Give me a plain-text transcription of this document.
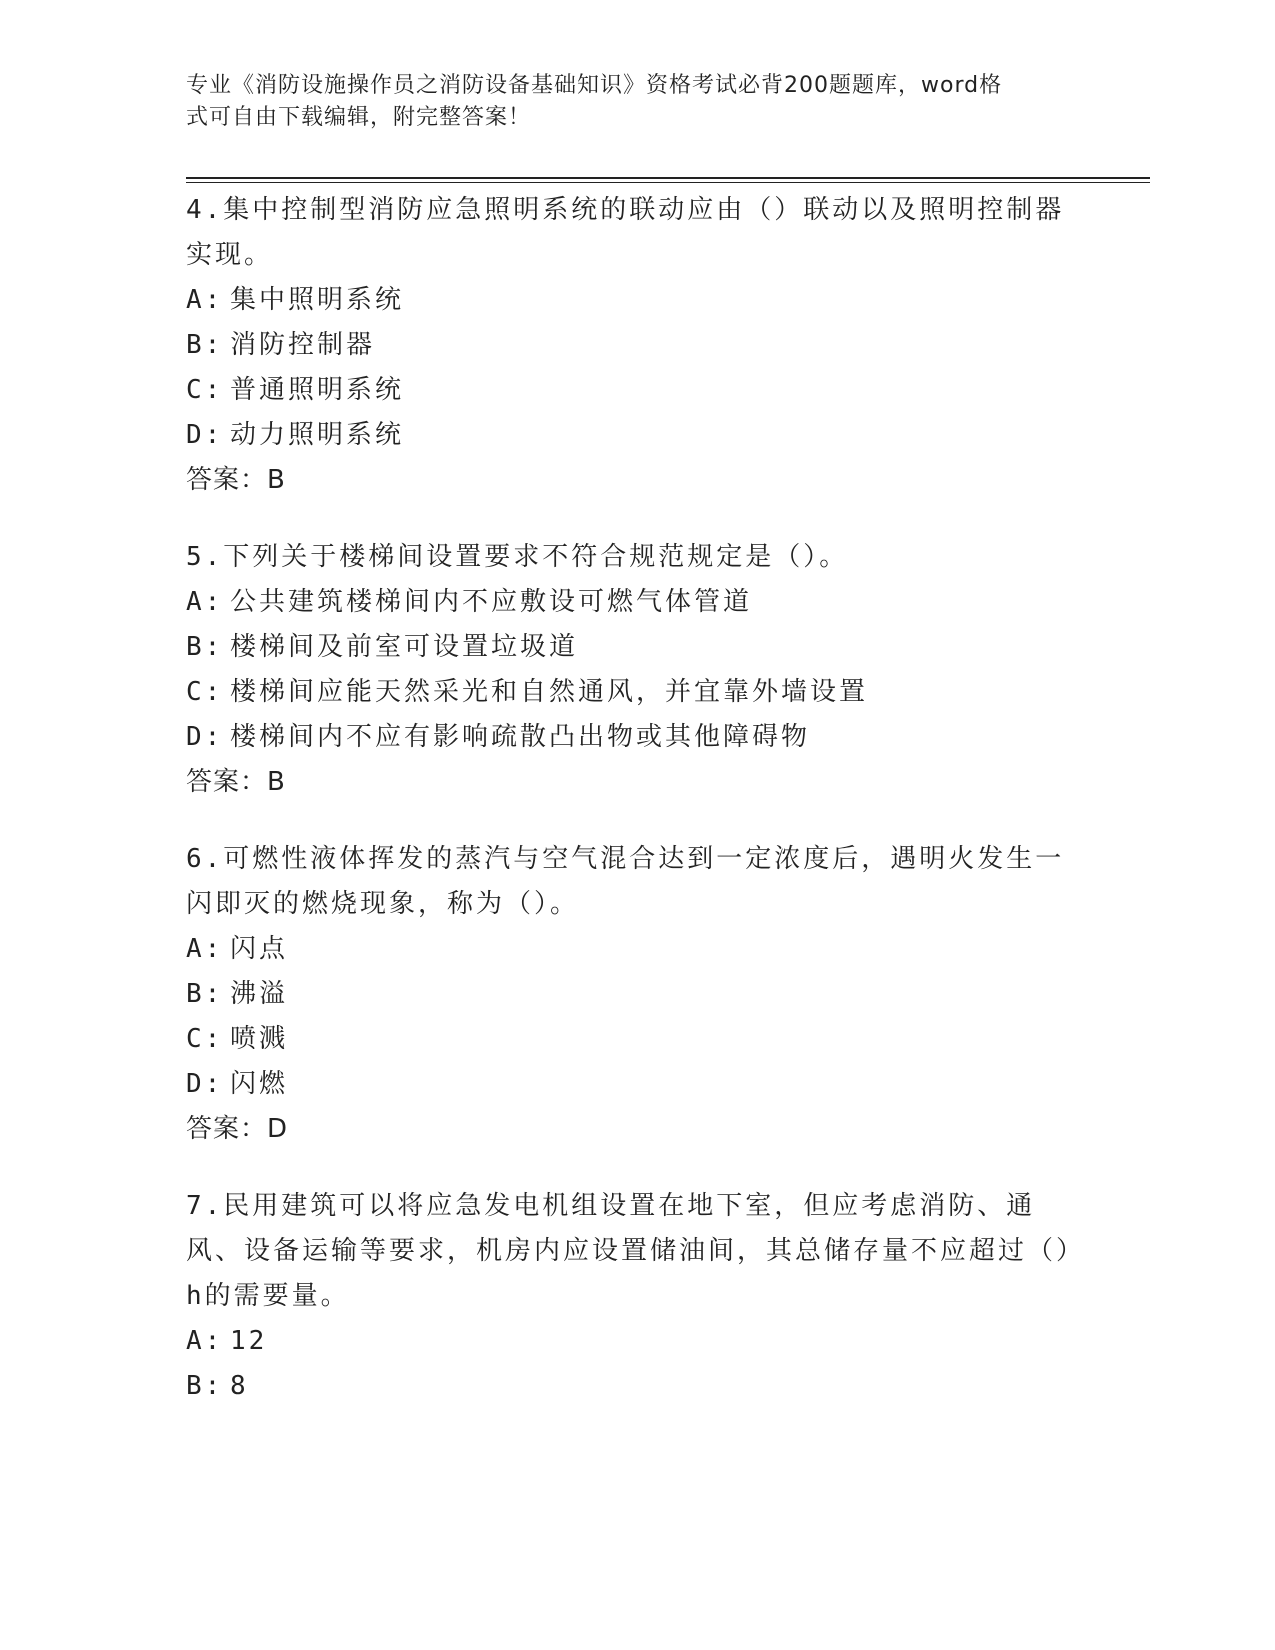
专业《消防设施操作员之消防设备基础知识》资格考试必背200题题库，word格
式可自由下载编辑，附完整答案！

4.集中控制型消防应急照明系统的联动应由（）联动以及照明控制器实现。

A: 集中照明系统

B: 消防控制器

C: 普通照明系统

D: 动力照明系统

答案：B

5.下列关于楼梯间设置要求不符合规范规定是（）。

A: 公共建筑楼梯间内不应敷设可燃气体管道

B: 楼梯间及前室可设置垃圾道

C: 楼梯间应能天然采光和自然通风，并宜靠外墙设置

D: 楼梯间内不应有影响疏散凸出物或其他障碍物

答案：B

6.可燃性液体挥发的蒸汽与空气混合达到一定浓度后，遇明火发生一闪即灭的燃烧现象，称为（）。

A: 闪点

B: 沸溢

C: 喷溅

D: 闪燃

答案：D

7.民用建筑可以将应急发电机组设置在地下室，但应考虑消防、通风、设备运输等要求，机房内应设置储油间，其总储存量不应超过（）h的需要量。

A: 12

B: 8
